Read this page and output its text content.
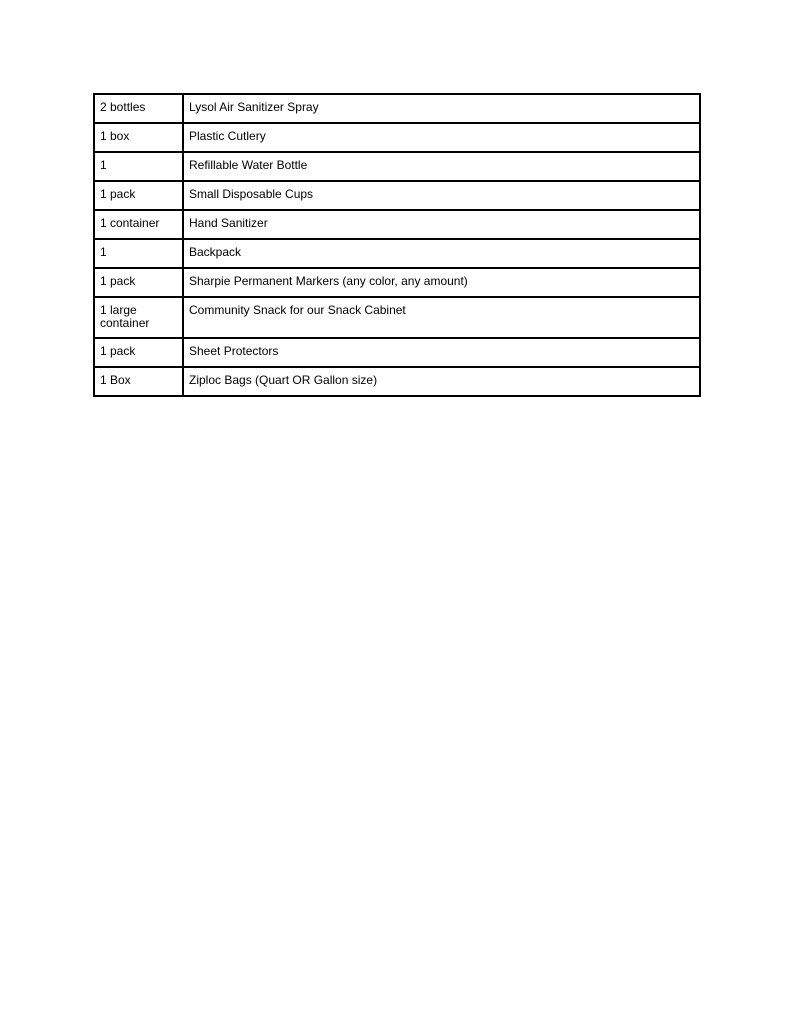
2 bottles	Lysol Air Sanitizer Spray

1 box	Plastic Cutlery

1	Refillable Water Bottle

1 pack	Small Disposable Cups

1 container	Hand Sanitizer

1	Backpack

1 pack	Sharpie Permanent Markers (any color, any amount)

1 large container	Community Snack for our Snack Cabinet

1 pack	Sheet Protectors

1 Box	Ziploc Bags (Quart OR Gallon size)
